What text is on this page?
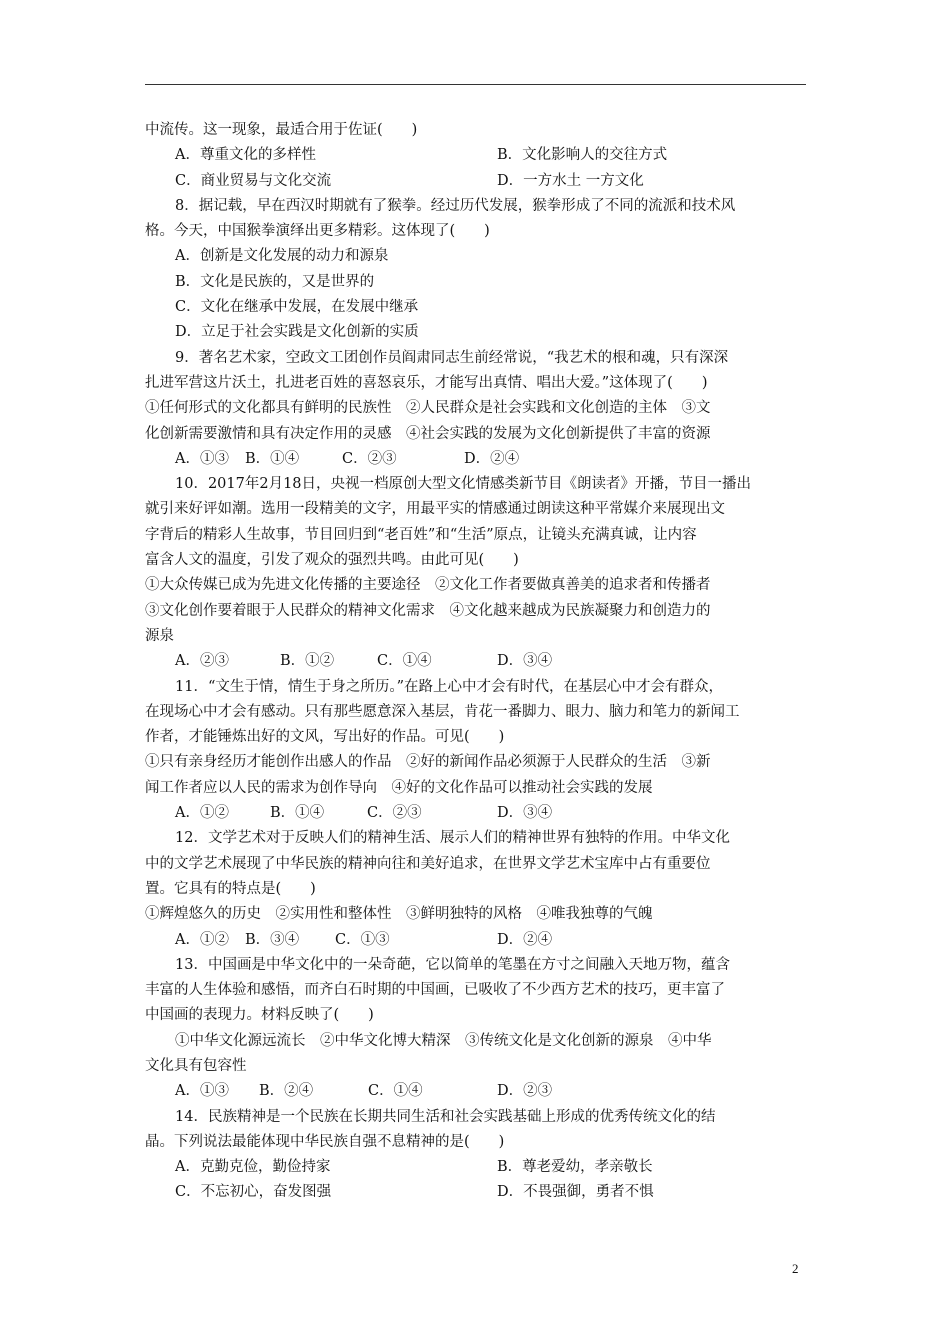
中流传。这一现象，最适合用于佐证(　　)
A．尊重文化的多样性	B．文化影响人的交往方式
C．商业贸易与文化交流	D．一方水土 一方文化
8．据记载，早在西汉时期就有了猴拳。经过历代发展，猴拳形成了不同的流派和技术风
格。今天，中国猴拳演绎出更多精彩。这体现了(　　)
A．创新是文化发展的动力和源泉
B．文化是民族的，又是世界的
C．文化在继承中发展，在发展中继承
D．立足于社会实践是文化创新的实质
9．著名艺术家，空政文工团创作员阎肃同志生前经常说，“我艺术的根和魂，只有深深
扎进军营这片沃土，扎进老百姓的喜怒哀乐，才能写出真情、唱出大爱。”这体现了(　　)
①任何形式的文化都具有鲜明的民族性　②人民群众是社会实践和文化创造的主体　③文
化创新需要激情和具有决定作用的灵感　④社会实践的发展为文化创新提供了丰富的资源
A．①③ B．①④	C．②③	D．②④
10．2017年2月18日，央视一档原创大型文化情感类新节目《朗读者》开播，节目一播出
就引来好评如潮。选用一段精美的文字，用最平实的情感通过朗读这种平常媒介来展现出文
字背后的精彩人生故事，节目回归到“老百姓”和“生活”原点，让镜头充满真诚，让内容
富含人文的温度，引发了观众的强烈共鸣。由此可见(　　)
①大众传媒已成为先进文化传播的主要途径　②文化工作者要做真善美的追求者和传播者
③文化创作要着眼于人民群众的精神文化需求　④文化越来越成为民族凝聚力和创造力的
源泉
A．②③	B．①②	C．①④	D．③④
11．“文生于情，情生于身之所历。”在路上心中才会有时代，在基层心中才会有群众，
在现场心中才会有感动。只有那些愿意深入基层，肯花一番脚力、眼力、脑力和笔力的新闻工
作者，才能锤炼出好的文风，写出好的作品。可见(　　)
①只有亲身经历才能创作出感人的作品　②好的新闻作品必须源于人民群众的生活　③新
闻工作者应以人民的需求为创作导向　④好的文化作品可以推动社会实践的发展
A．①②	B．①④	C．②③	D．③④
12．文学艺术对于反映人们的精神生活、展示人们的精神世界有独特的作用。中华文化
中的文学艺术展现了中华民族的精神向往和美好追求，在世界文学艺术宝库中占有重要位
置。它具有的特点是(　　)
①辉煌悠久的历史　②实用性和整体性　③鲜明独特的风格　④唯我独尊的气魄
A．①② B．③④ C．①③	D．②④
13．中国画是中华文化中的一朵奇葩，它以简单的笔墨在方寸之间融入天地万物，蕴含
丰富的人生体验和感悟，而齐白石时期的中国画，已吸收了不少西方艺术的技巧，更丰富了
中国画的表现力。材料反映了(　　)
①中华文化源远流长　②中华文化博大精深　③传统文化是文化创新的源泉　④中华
文化具有包容性
A．①③ B．②④	C．①④	D．②③
14．民族精神是一个民族在长期共同生活和社会实践基础上形成的优秀传统文化的结
晶。下列说法最能体现中华民族自强不息精神的是(　　)
A．克勤克俭，勤俭持家	B．尊老爱幼，孝亲敬长
C．不忘初心，奋发图强	D．不畏强御，勇者不惧
2
